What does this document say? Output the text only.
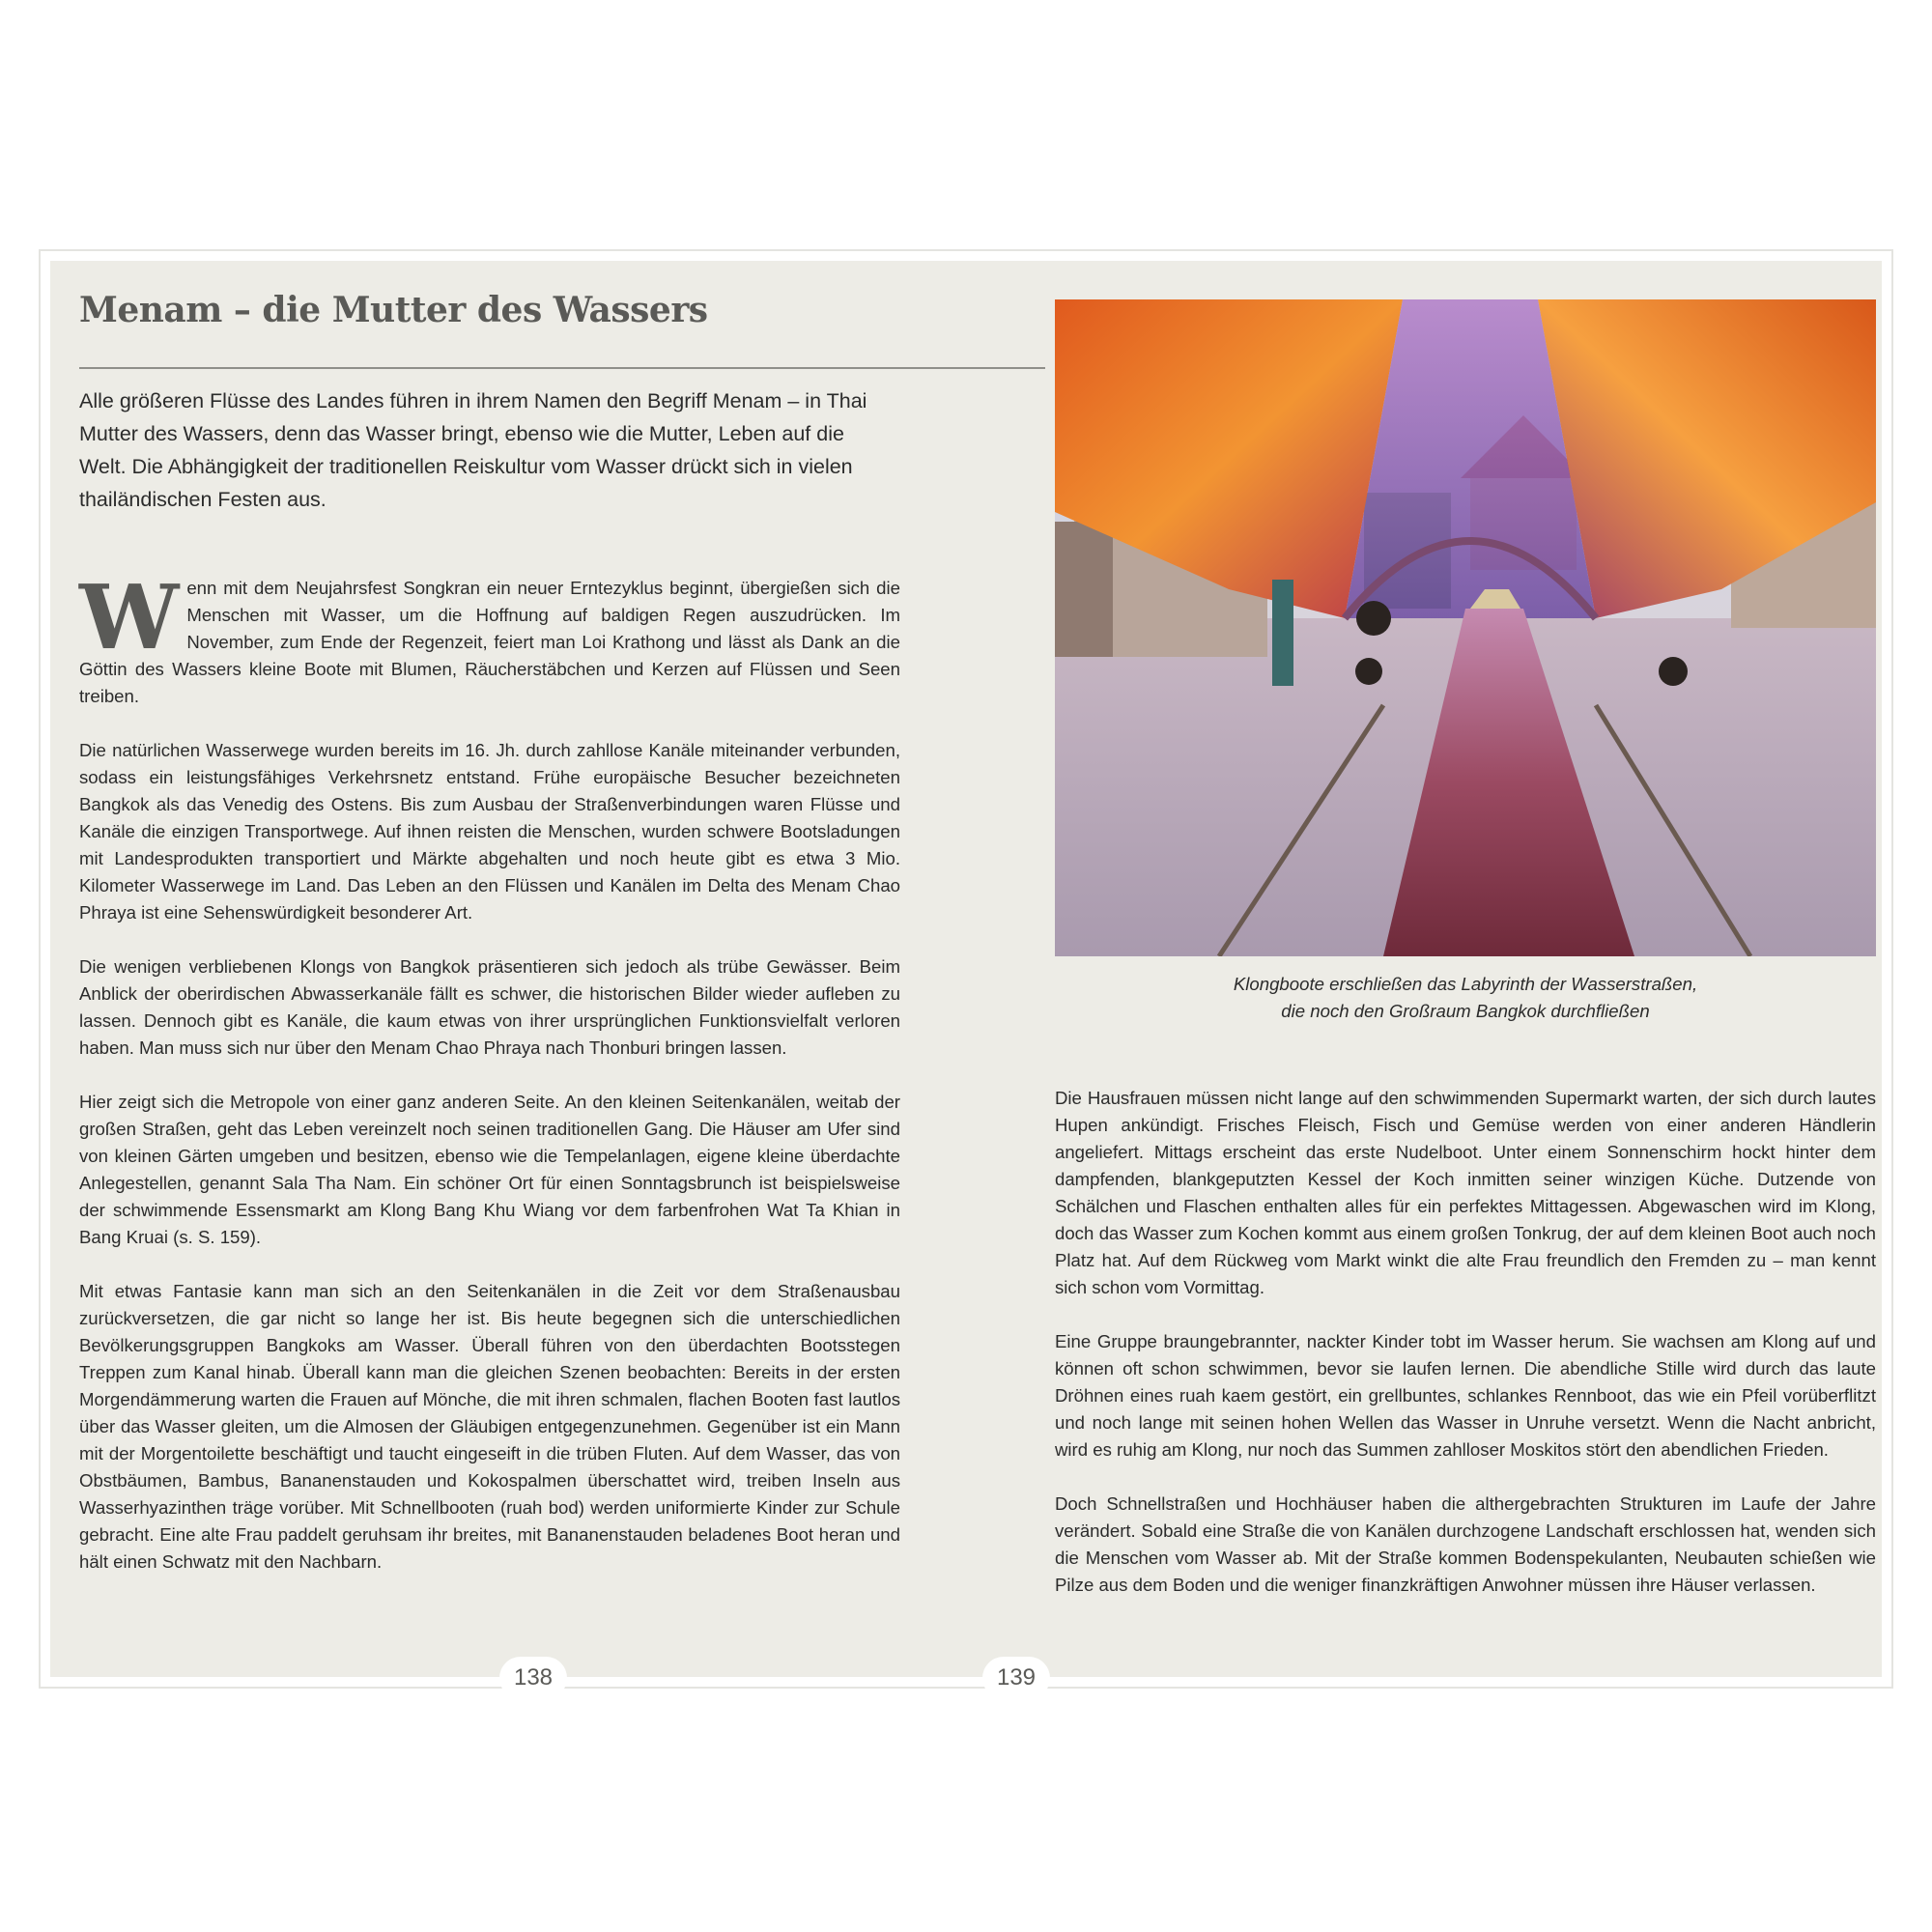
Menam – die Mutter des Wassers

Alle größeren Flüsse des Landes führen in ihrem Namen den Begriff Menam – in Thai Mutter des Wassers, denn das Wasser bringt, ebenso wie die Mutter, Leben auf die Welt. Die Abhängigkeit der traditionellen Reiskultur vom Wasser drückt sich in vielen thailändischen Festen aus.

Wenn mit dem Neujahrsfest Songkran ein neuer Erntezyklus beginnt, übergießen sich die Menschen mit Wasser, um die Hoffnung auf baldigen Regen auszudrücken. Im November, zum Ende der Regenzeit, feiert man Loi Krathong und lässt als Dank an die Göttin des Wassers kleine Boote mit Blumen, Räucherstäbchen und Kerzen auf Flüssen und Seen treiben.

Die natürlichen Wasserwege wurden bereits im 16. Jh. durch zahllose Kanäle miteinander verbunden, sodass ein leistungsfähiges Verkehrsnetz entstand. Frühe europäische Besucher bezeichneten Bangkok als das Venedig des Ostens. Bis zum Ausbau der Straßenverbindungen waren Flüsse und Kanäle die einzigen Transportwege. Auf ihnen reisten die Menschen, wurden schwere Bootsladungen mit Landesprodukten transportiert und Märkte abgehalten und noch heute gibt es etwa 3 Mio. Kilometer Wasserwege im Land. Das Leben an den Flüssen und Kanälen im Delta des Menam Chao Phraya ist eine Sehenswürdigkeit besonderer Art.

Die wenigen verbliebenen Klongs von Bangkok präsentieren sich jedoch als trübe Gewässer. Beim Anblick der oberirdischen Abwasserkanäle fällt es schwer, die historischen Bilder wieder aufleben zu lassen. Dennoch gibt es Kanäle, die kaum etwas von ihrer ursprünglichen Funktionsvielfalt verloren haben. Man muss sich nur über den Menam Chao Phraya nach Thonburi bringen lassen.

Hier zeigt sich die Metropole von einer ganz anderen Seite. An den kleinen Seitenkanälen, weitab der großen Straßen, geht das Leben vereinzelt noch seinen traditionellen Gang. Die Häuser am Ufer sind von kleinen Gärten umgeben und besitzen, ebenso wie die Tempelanlagen, eigene kleine überdachte Anlegestellen, genannt Sala Tha Nam. Ein schöner Ort für einen Sonntagsbrunch ist beispielsweise der schwimmende Essensmarkt am Klong Bang Khu Wiang vor dem farbenfrohen Wat Ta Khian in Bang Kruai (s. S. 159).

Mit etwas Fantasie kann man sich an den Seitenkanälen in die Zeit vor dem Straßenausbau zurückversetzen, die gar nicht so lange her ist. Bis heute begegnen sich die unterschiedlichen Bevölkerungsgruppen Bangkoks am Wasser. Überall führen von den überdachten Bootsstegen Treppen zum Kanal hinab. Überall kann man die gleichen Szenen beobachten: Bereits in der ersten Morgendämmerung warten die Frauen auf Mönche, die mit ihren schmalen, flachen Booten fast lautlos über das Wasser gleiten, um die Almosen der Gläubigen entgegenzunehmen. Gegenüber ist ein Mann mit der Morgentoilette beschäftigt und taucht eingeseift in die trüben Fluten. Auf dem Wasser, das von Obstbäumen, Bambus, Bananenstauden und Kokospalmen überschattet wird, treiben Inseln aus Wasserhyazinthen träge vorüber. Mit Schnellbooten (ruah bod) werden uniformierte Kinder zur Schule gebracht. Eine alte Frau paddelt geruhsam ihr breites, mit Bananenstauden beladenes Boot heran und hält einen Schwatz mit den Nachbarn.

138

Klongboote erschließen das Labyrinth der Wasserstraßen,
die noch den Großraum Bangkok durchfließen

Die Hausfrauen müssen nicht lange auf den schwimmenden Supermarkt warten, der sich durch lautes Hupen ankündigt. Frisches Fleisch, Fisch und Gemüse werden von einer anderen Händlerin angeliefert. Mittags erscheint das erste Nudelboot. Unter einem Sonnenschirm hockt hinter dem dampfenden, blankgeputzten Kessel der Koch inmitten seiner winzigen Küche. Dutzende von Schälchen und Flaschen enthalten alles für ein perfektes Mittagessen. Abgewaschen wird im Klong, doch das Wasser zum Kochen kommt aus einem großen Tonkrug, der auf dem kleinen Boot auch noch Platz hat. Auf dem Rückweg vom Markt winkt die alte Frau freundlich den Fremden zu – man kennt sich schon vom Vormittag.

Eine Gruppe braungebrannter, nackter Kinder tobt im Wasser herum. Sie wachsen am Klong auf und können oft schon schwimmen, bevor sie laufen lernen. Die abendliche Stille wird durch das laute Dröhnen eines ruah kaem gestört, ein grellbuntes, schlankes Rennboot, das wie ein Pfeil vorüberflitzt und noch lange mit seinen hohen Wellen das Wasser in Unruhe versetzt. Wenn die Nacht anbricht, wird es ruhig am Klong, nur noch das Summen zahlloser Moskitos stört den abendlichen Frieden.

Doch Schnellstraßen und Hochhäuser haben die althergebrachten Strukturen im Laufe der Jahre verändert. Sobald eine Straße die von Kanälen durchzogene Landschaft erschlossen hat, wenden sich die Menschen vom Wasser ab. Mit der Straße kommen Bodenspekulanten, Neubauten schießen wie Pilze aus dem Boden und die weniger finanzkräftigen Anwohner müssen ihre Häuser verlassen.

139
